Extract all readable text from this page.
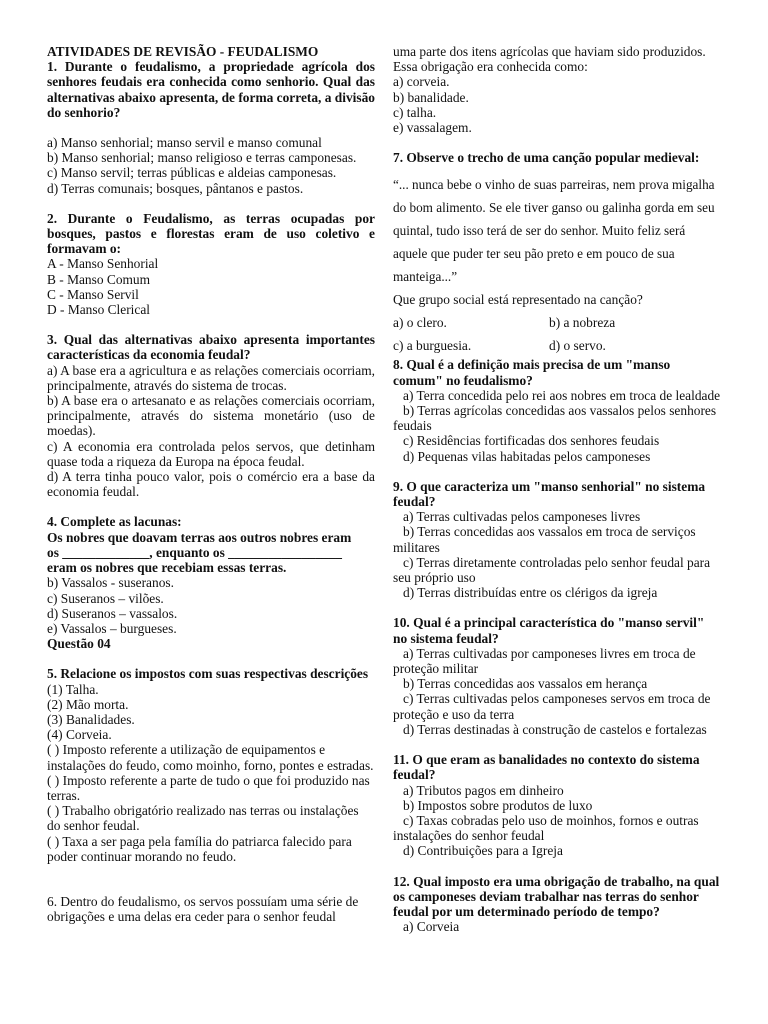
ATIVIDADES DE REVISÃO - FEUDALISMO

1. Durante o feudalismo, a propriedade agrícola dos senhores feudais era conhecida como senhorio. Qual das alternativas abaixo apresenta, de forma correta, a divisão do senhorio?

a) Manso senhorial; manso servil e manso comunal

b) Manso senhorial; manso religioso e terras camponesas.

c) Manso servil; terras públicas e aldeias camponesas.

d) Terras comunais; bosques, pântanos e pastos.

2. Durante o Feudalismo, as terras ocupadas por bosques, pastos e florestas eram de uso coletivo e formavam o:

A - Manso Senhorial

B - Manso Comum

C - Manso Servil

D - Manso Clerical

3. Qual das alternativas abaixo apresenta importantes características da economia feudal?

a) A base era a agricultura e as relações comerciais ocorriam, principalmente, através do sistema de trocas.

b) A base era o artesanato e as relações comerciais ocorriam, principalmente, através do sistema monetário (uso de moedas).

c) A economia era controlada pelos servos, que detinham quase toda a riqueza da Europa na época feudal.

d) A terra tinha pouco valor, pois o comércio era a base da economia feudal.

4. Complete as lacunas:

Os nobres que doavam terras aos outros nobres eram

os _____________, enquanto os _________________

eram os nobres que recebiam essas terras.

b) Vassalos - suseranos.

c) Suseranos – vilões.

d) Suseranos – vassalos.

e) Vassalos – burgueses.

Questão 04

5. Relacione os impostos com suas respectivas descrições

(1) Talha.

(2) Mão morta.

(3) Banalidades.

(4) Corveia.

( ) Imposto referente a utilização de equipamentos e instalações do feudo, como moinho, forno, pontes e estradas.

( ) Imposto referente a parte de tudo o que foi produzido nas terras.

( ) Trabalho obrigatório realizado nas terras ou instalações do senhor feudal.

( ) Taxa a ser paga pela família do patriarca falecido para poder continuar morando no feudo.

6. Dentro do feudalismo, os servos possuíam uma série de obrigações e uma delas era ceder para o senhor feudal

uma parte dos itens agrícolas que haviam sido produzidos. Essa obrigação era conhecida como:

a) corveia.

b) banalidade.

c) talha.

e) vassalagem.

7. Observe o trecho de uma canção popular medieval:

“... nunca bebe o vinho de suas parreiras, nem prova migalha do bom alimento. Se ele tiver ganso ou galinha gorda em seu quintal, tudo isso terá de ser do senhor. Muito feliz será aquele que puder ter seu pão preto e em pouco de sua manteiga...”

Que grupo social está representado na canção?

a) o clero.	b) a nobreza
c) a burguesia.	d) o servo.

8. Qual é a definição mais precisa de um "manso comum" no feudalismo?

a) Terra concedida pelo rei aos nobres em troca de lealdade

b) Terras agrícolas concedidas aos vassalos pelos senhores feudais

c) Residências fortificadas dos senhores feudais

d) Pequenas vilas habitadas pelos camponeses

9. O que caracteriza um "manso senhorial" no sistema feudal?

a) Terras cultivadas pelos camponeses livres

b) Terras concedidas aos vassalos em troca de serviços militares

c) Terras diretamente controladas pelo senhor feudal para seu próprio uso

d) Terras distribuídas entre os clérigos da igreja

10. Qual é a principal característica do "manso servil" no sistema feudal?

a) Terras cultivadas por camponeses livres em troca de proteção militar

b) Terras concedidas aos vassalos em herança

c) Terras cultivadas pelos camponeses servos em troca de proteção e uso da terra

d) Terras destinadas à construção de castelos e fortalezas

11. O que eram as banalidades no contexto do sistema feudal?

a) Tributos pagos em dinheiro

b) Impostos sobre produtos de luxo

c) Taxas cobradas pelo uso de moinhos, fornos e outras instalações do senhor feudal

d) Contribuições para a Igreja

12. Qual imposto era uma obrigação de trabalho, na qual os camponeses deviam trabalhar nas terras do senhor feudal por um determinado período de tempo?

a) Corveia
